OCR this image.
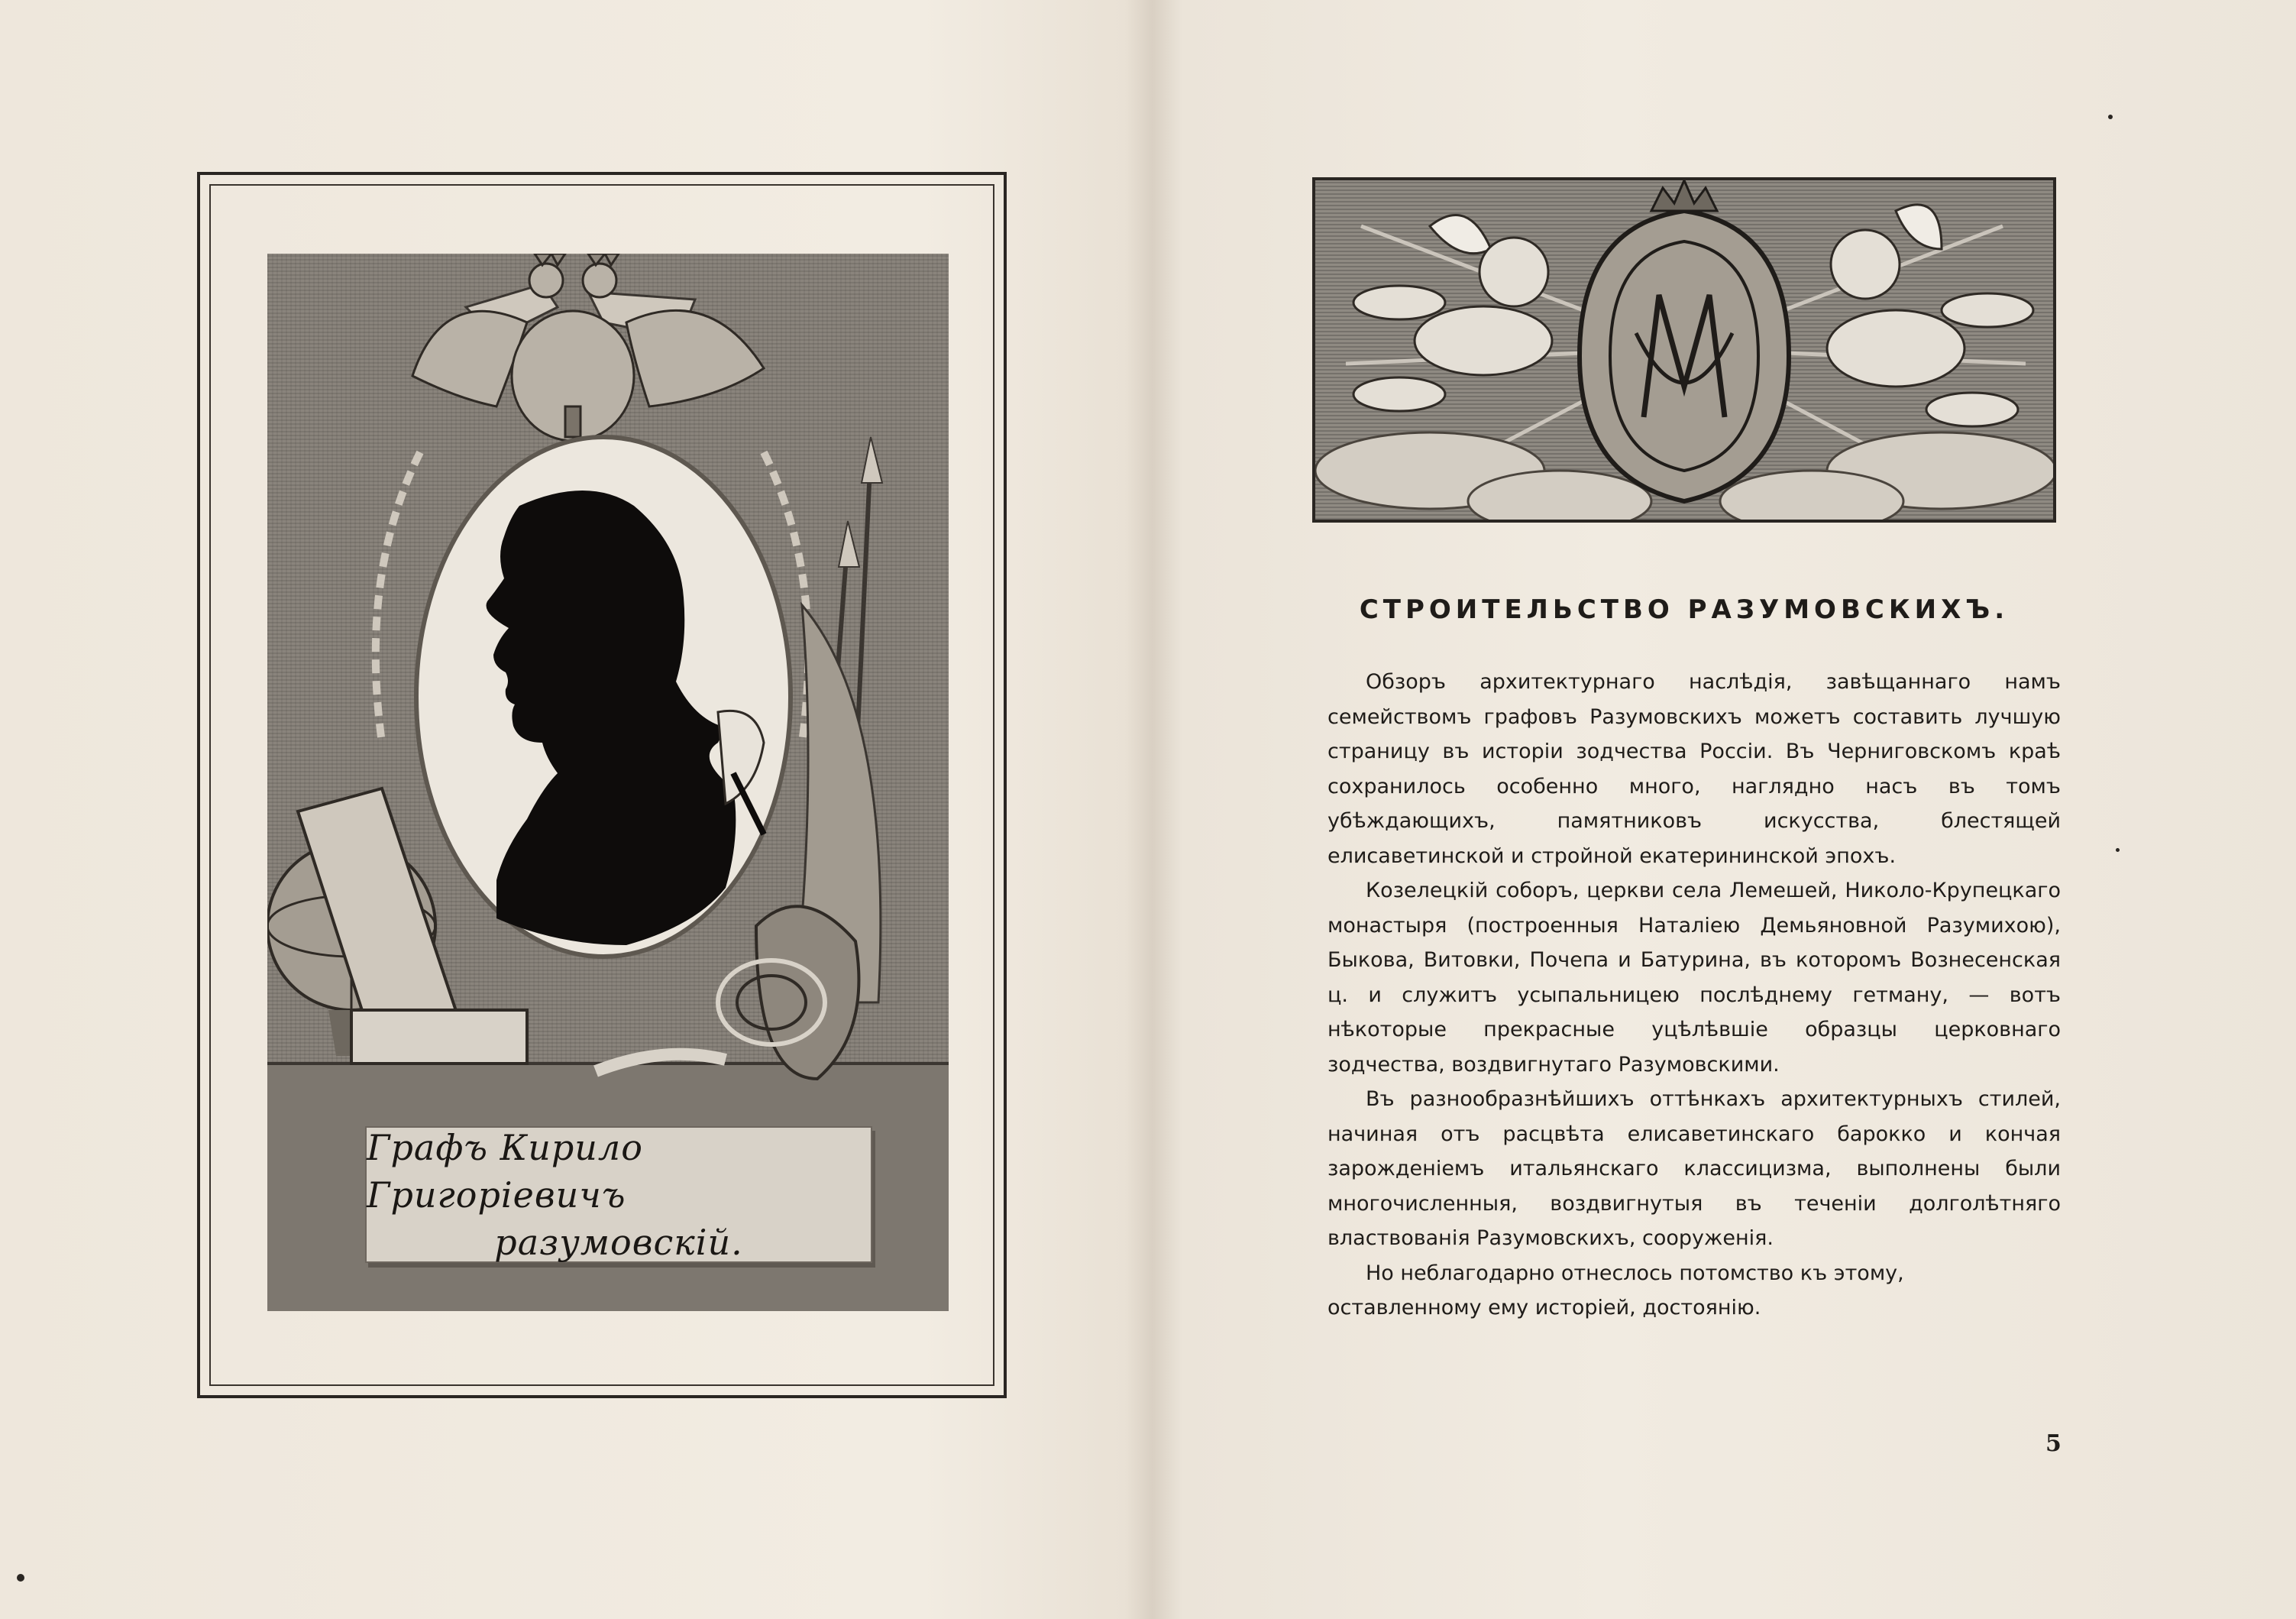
Графъ Кирило Григорiевичъ
разумовскiй.
СТРОИТЕЛЬСТВО РАЗУМОВСКИХЪ.

Обзоръ архитектурнаго наслѣдія, завѣщаннаго намъ семействомъ графовъ Разумовскихъ можетъ составить лучшую страницу въ исторіи зодчества Россіи. Въ Черниговскомъ краѣ сохранилось особенно много, наглядно насъ въ томъ убѣждающихъ, памятниковъ искусства, блестящей елисаветинской и стройной екатерининской эпохъ.

Козелецкій соборъ, церкви села Лемешей, Николо-Крупецкаго монастыря (построенныя Наталіею Демьяновной Разумихою), Быкова, Витовки, Почепа и Батурина, въ которомъ Вознесенская ц. и служитъ усыпальницею послѣднему гетману, — вотъ нѣкоторые прекрасные уцѣлѣвшіе образцы церковнаго зодчества, воздвигнутаго Разумовскими.

Въ разнообразнѣйшихъ оттѣнкахъ архитектурныхъ стилей, начиная отъ расцвѣта елисаветинскаго барокко и кончая зарожденіемъ итальянскаго классицизма, выполнены были многочисленныя, воздвигнутыя въ теченіи долголѣтняго властвованія Разумовскихъ, сооруженія.

Но неблагодарно отнеслось потомство къ этому, оставленному ему исторіей, достоянію.

5
